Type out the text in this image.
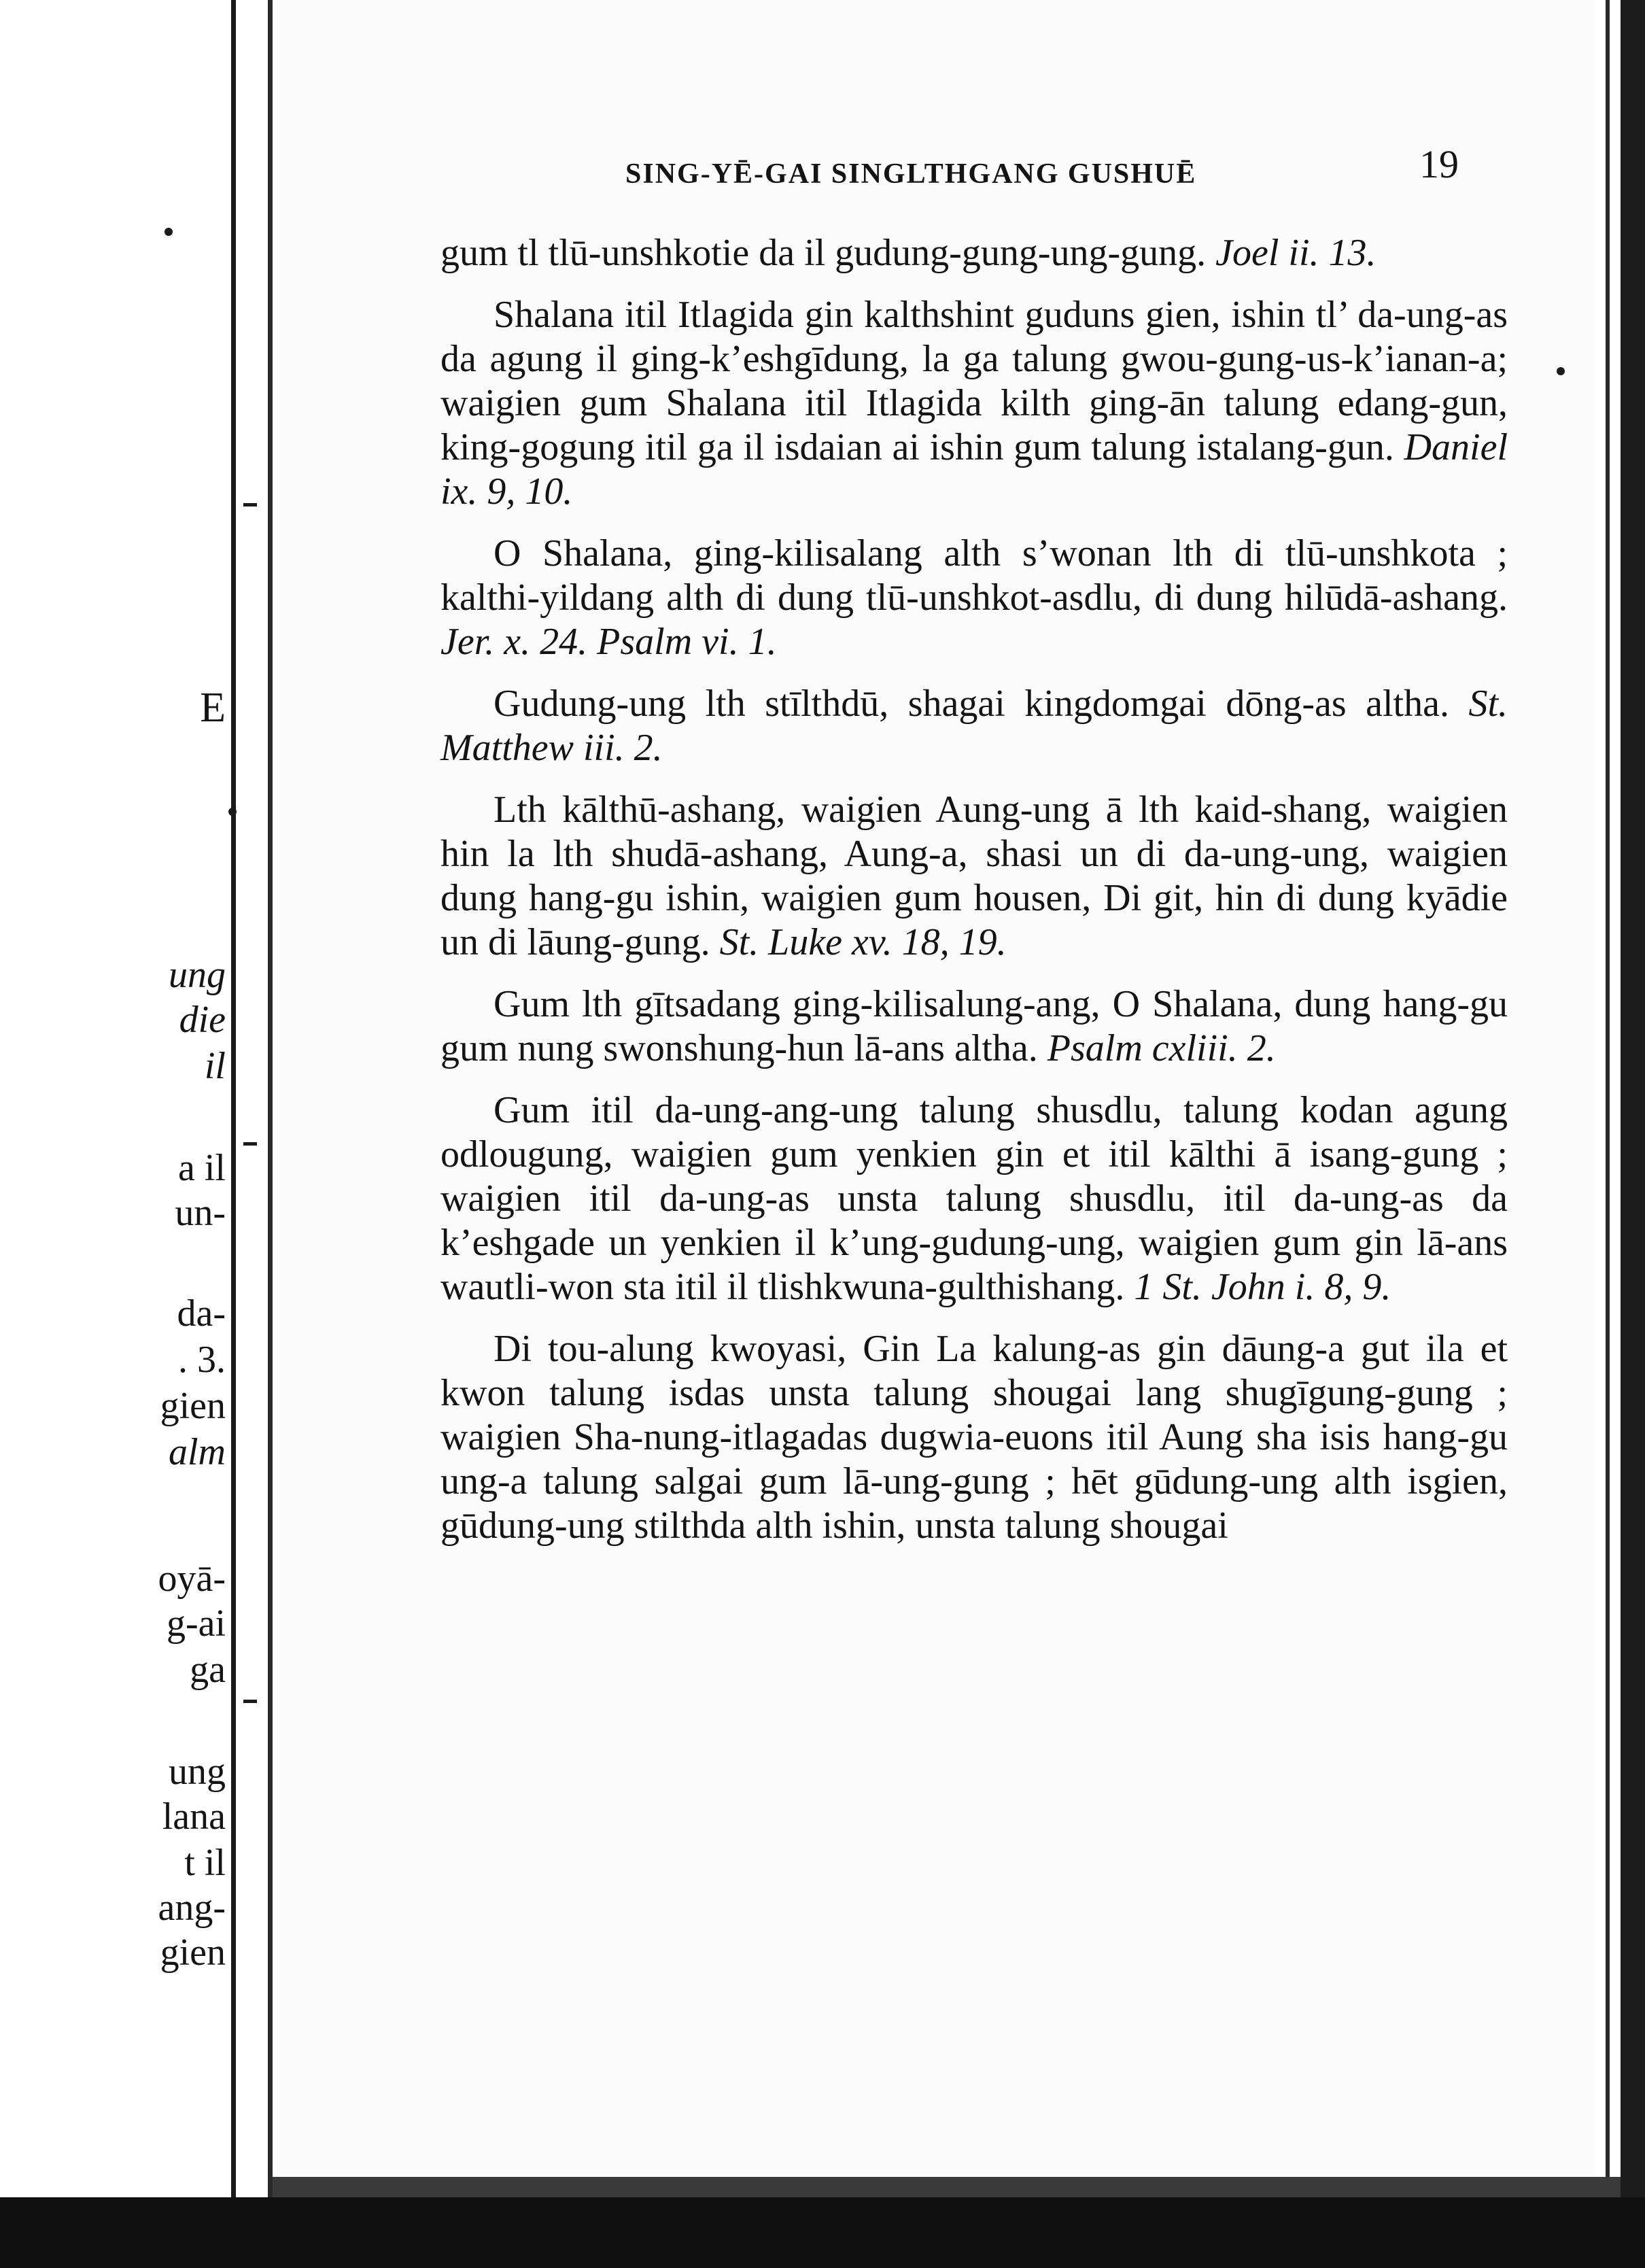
E
ung
die
il
a il
un-
da-
. 3.
gien
alm
oyā-
g-ai
ga
ung
lana
t il
ang-
gien
SING-YĒ-GAI SINGLTHGANG GUSHUĒ	19

gum tl tlū-unshkotie da il gudung-gung-ung-gung. Joel ii. 13.

Shalana itil Itlagida gin kalthshint guduns gien, ishin tl’ da-ung-as da agung il ging-k’eshgīdung, la ga talung gwou-gung-us-k’ianan-a; waigien gum Shalana itil Itlagida kilth ging-ān talung edang-gun, king-gogung itil ga il isdaian ai ishin gum talung istalang-gun. Daniel ix. 9, 10.

O Shalana, ging-kilisalang alth s’wonan lth di tlū-unshkota ; kalthi-yildang alth di dung tlū-unshkot-asdlu, di dung hilūdā-ashang. Jer. x. 24. Psalm vi. 1.

Gudung-ung lth stīlthdū, shagai kingdomgai dōng-as altha. St. Matthew iii. 2.

Lth kālthū-ashang, waigien Aung-ung ā lth kaid-shang, waigien hin la lth shudā-ashang, Aung-a, shasi un di da-ung-ung, waigien dung hang-gu ishin, waigien gum housen, Di git, hin di dung kyādie un di lāung-gung. St. Luke xv. 18, 19.

Gum lth gītsadang ging-kilisalung-ang, O Shalana, dung hang-gu gum nung swonshung-hun lā-ans altha. Psalm cxliii. 2.

Gum itil da-ung-ang-ung talung shusdlu, talung kodan agung odlougung, waigien gum yenkien gin et itil kālthi ā isang-gung ; waigien itil da-ung-as unsta talung shusdlu, itil da-ung-as da k’eshgade un yenkien il k’ung-gudung-ung, waigien gum gin lā-ans wautli-won sta itil il tlishkwuna-gulthishang. 1 St. John i. 8, 9.

Di tou-alung kwoyasi, Gin La kalung-as gin dāung-a gut ila et kwon talung isdas unsta talung shougai lang shugīgung-gung ; waigien Sha-nung-itlagadas dugwia-euons itil Aung sha isis hang-gu ung-a talung salgai gum lā-ung-gung ; hēt gūdung-ung alth isgien, gūdung-ung stilthda alth ishin, unsta talung shougai
